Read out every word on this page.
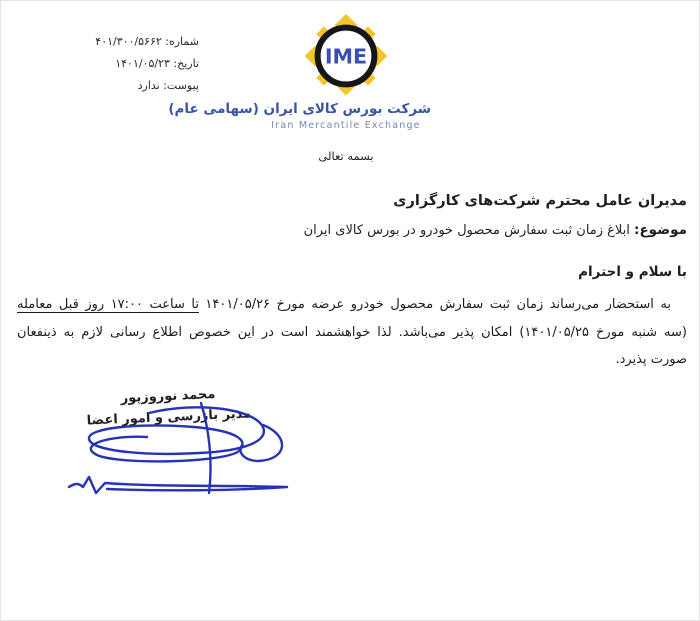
شماره: ۴۰۱/۳۰۰/۵۶۶۲
تاریخ: ۱۴۰۱/۰۵/۲۳
پیوست: ندارد
IME
شرکت بورس کالای ایران (سهامی عام)
Iran Mercantile Exchange
بسمه تعالی
مدیران عامل محترم شرکت‌های کارگزاری
موضوع: ابلاغ زمان ثبت سفارش محصول خودرو در بورس کالای ایران
با سلام و احترام
به استحضار می‌رساند زمان ثبت سفارش محصول خودرو عرضه مورخ ۱۴۰۱/۰۵/۲۶ تا ساعت ۱۷:۰۰ روز قبل معامله
(سه شنبه مورخ ۱۴۰۱/۰۵/۲۵) امکان پذیر می‌باشد. لذا خواهشمند است در این خصوص اطلاع رسانی لازم به ذینفعان
صورت پذیرد.
محمد نوروزپور
مدیر بازرسی و امور اعضا
